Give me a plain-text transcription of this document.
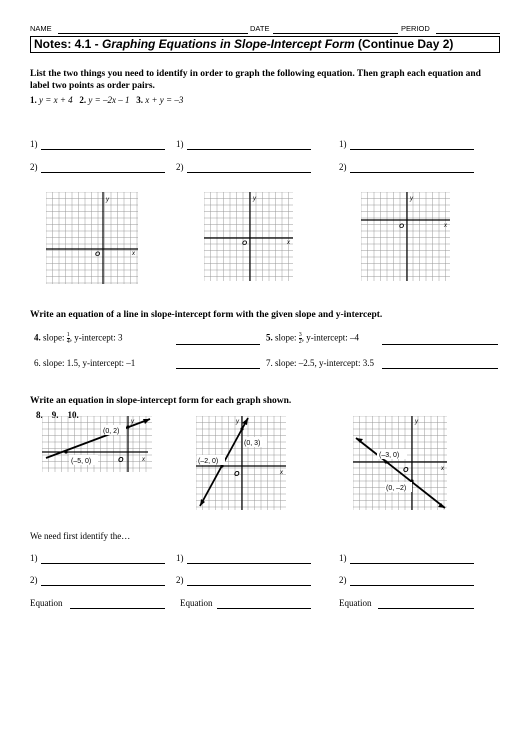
NAME	DATE	PERIOD
Notes: 4.1 - Graphing Equations in Slope-Intercept Form (Continue Day 2)
List the two things you need to identify in order to graph the following equation. Then graph each equation and label two points as order pairs.
1. y = x + 4 2. y = –2x – 1 3. x + y = –3
1)	1)	1)
2)	2)	2)
y
x
O
y
x
O
y
x
O
Write an equation of a line in slope-intercept form with the given slope and y-intercept.
4. slope: $\frac{1}{4}$ , y-intercept: 3	5. slope: $\frac{3}{2}$ , y-intercept: –4
6. slope: 1.5, y-intercept: –1	7. slope: –2.5, y-intercept: 3.5
Write an equation in slope-intercept form for each graph shown.
8. 9. 10.
(0, 2)
(–5, 0)	O	x
y
(0, 3)
(–2, 0)
O	x
y
(–3, 0)
(0, –2)
O	x
y
We need first identify the…
1)	1)	1)
2)	2)	2)
Equation	Equation	Equation
